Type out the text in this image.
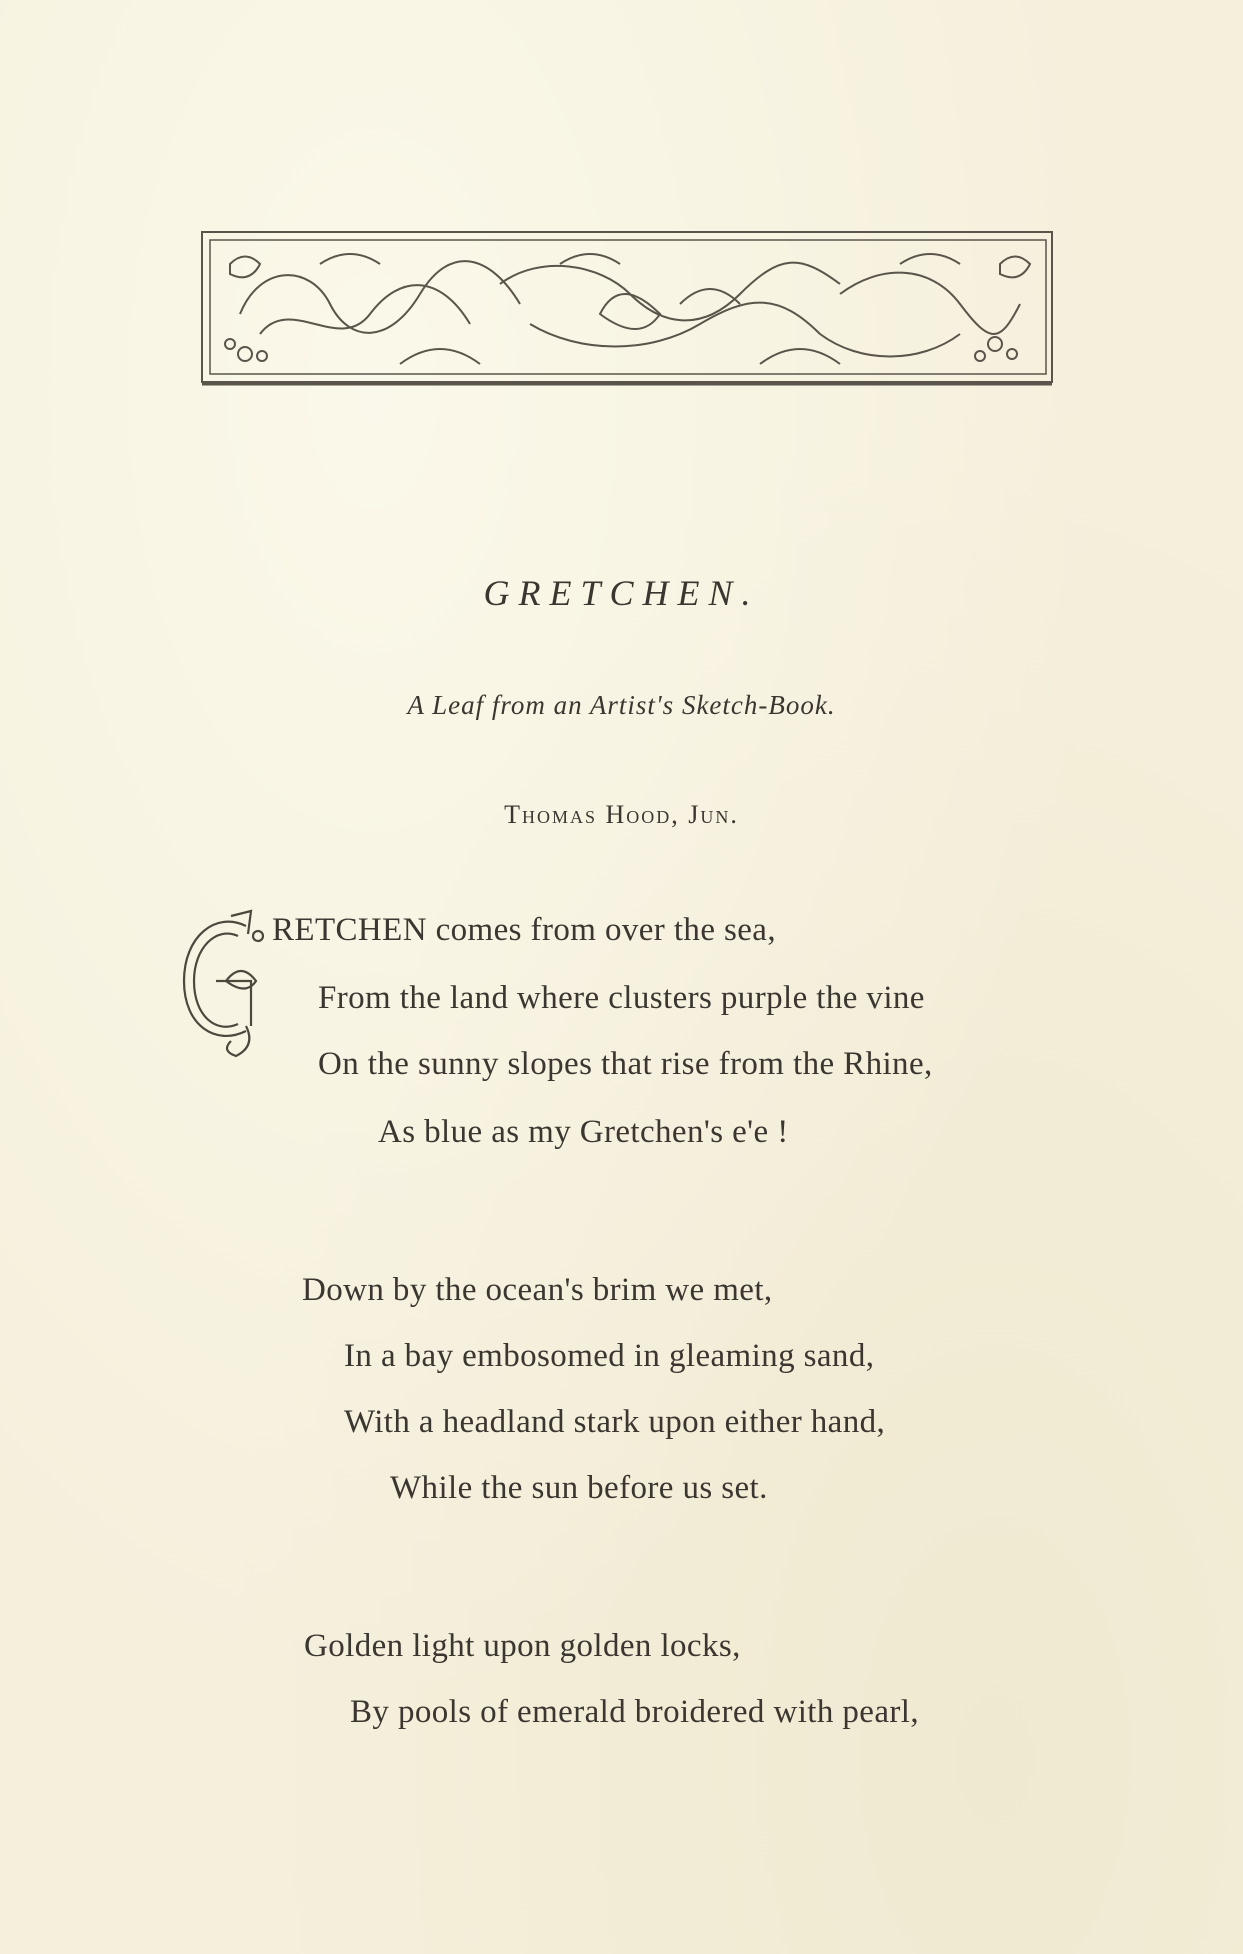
GRETCHEN.
A Leaf from an Artist's Sketch-Book.
Thomas Hood, Jun.
RETCHEN comes from over the sea,
From the land where clusters purple the vine
On the sunny slopes that rise from the Rhine,
As blue as my Gretchen's e'e !
Down by the ocean's brim we met,
In a bay embosomed in gleaming sand,
With a headland stark upon either hand,
While the sun before us set.
Golden light upon golden locks,
By pools of emerald broidered with pearl,
